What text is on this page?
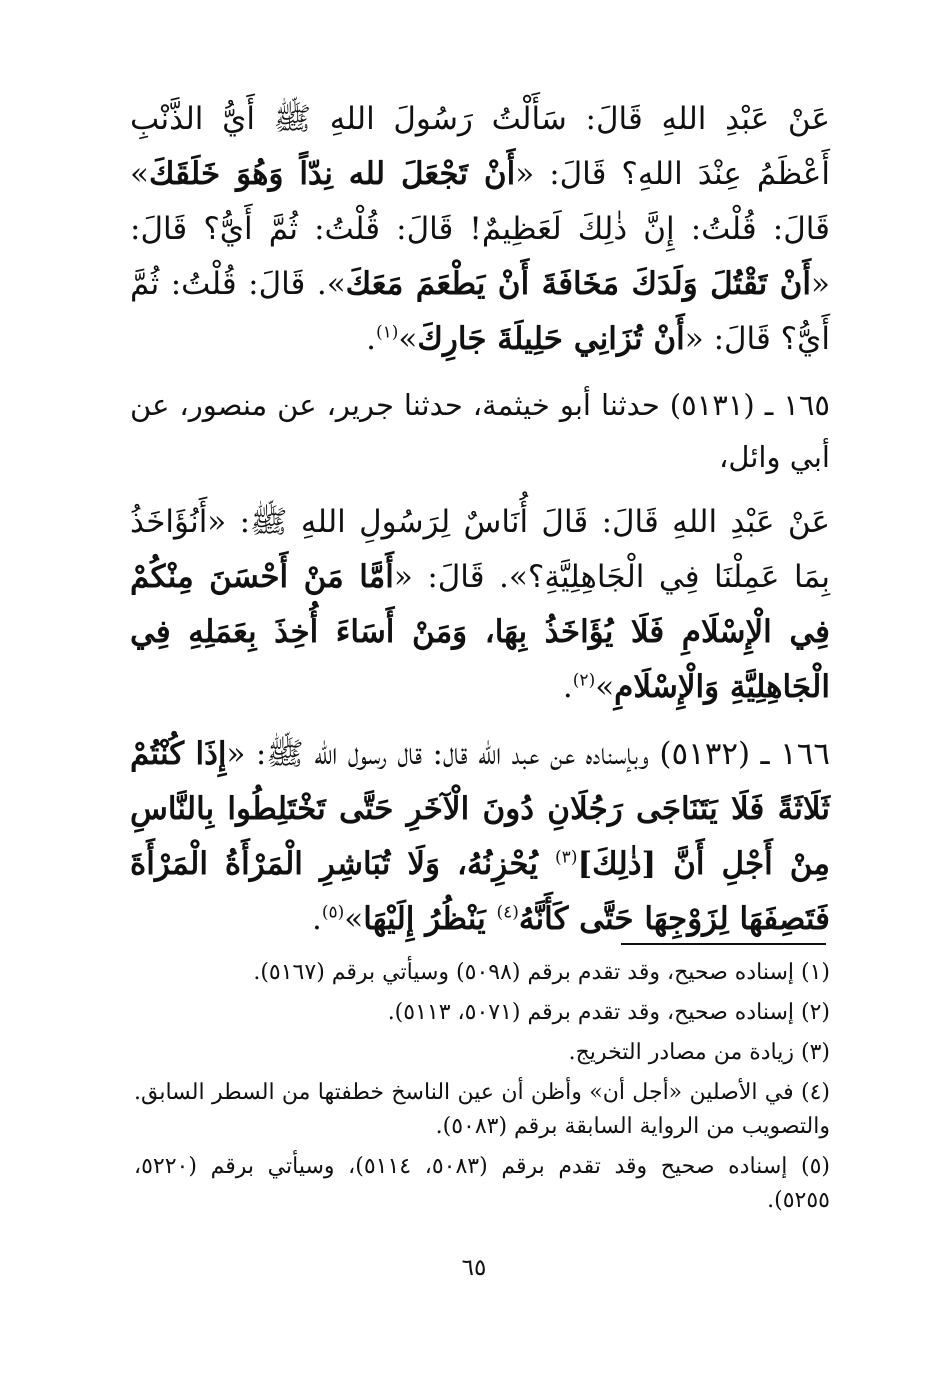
عَنْ عَبْدِ اللهِ قَالَ: سَأَلْتُ رَسُولَ اللهِ ﷺ أَيُّ الذَّنْبِ أَعْظَمُ عِنْدَ اللهِ؟ قَالَ: «أَنْ تَجْعَلَ لله نِدّاً وَهُوَ خَلَقَكَ» قَالَ: قُلْتُ: إِنَّ ذٰلِكَ لَعَظِيمٌ! قَالَ: قُلْتُ: ثُمَّ أَيُّ؟ قَالَ: «أَنْ تَقْتُلَ وَلَدَكَ مَخَافَةَ أَنْ يَطْعَمَ مَعَكَ». قَالَ: قُلْتُ: ثُمَّ أَيُّ؟ قَالَ: «أَنْ تُزَانِي حَلِيلَةَ جَارِكَ»$^{(١)}$.

١٦٥ ـ (٥١٣١) حدثنا أبو خيثمة، حدثنا جرير، عن منصور، عن أبي وائل،

عَنْ عَبْدِ اللهِ قَالَ: قَالَ أُنَاسٌ لِرَسُولِ اللهِ ﷺ: «أَنُؤَاخَذُ بِمَا عَمِلْنَا فِي الْجَاهِلِيَّةِ؟». قَالَ: «أَمَّا مَنْ أَحْسَنَ مِنْكُمْ فِي الْإِسْلَامِ فَلَا يُؤَاخَذُ بِهَا، وَمَنْ أَسَاءَ أُخِذَ بِعَمَلِهِ فِي الْجَاهِلِيَّةِ وَالْإِسْلَامِ»$^{(٢)}$.

١٦٦ ـ (٥١٣٢) وبإسناده عن عبد الله قال: قال رسول الله ﷺ: «إِذَا كُنْتُمْ ثَلَاثَةً فَلَا يَتَنَاجَى رَجُلَانِ دُونَ الْآخَرِ حَتَّى تَخْتَلِطُوا بِالنَّاسِ مِنْ أَجْلِ أَنَّ [ذٰلِكَ]$^{(٣)}$ يُحْزِنُهُ، وَلَا تُبَاشِرِ الْمَرْأَةُ الْمَرْأَةَ فَتَصِفَهَا لِزَوْجِهَا حَتَّى كَأَنَّهُ$^{(٤)}$ يَنْظُرُ إِلَيْهَا»$^{(٥)}$.

(١) إسناده صحيح، وقد تقدم برقم (٥٠٩٨) وسيأتي برقم (٥١٦٧).

(٢) إسناده صحيح، وقد تقدم برقم (٥٠٧١، ٥١١٣).

(٣) زيادة من مصادر التخريج.

(٤) في الأصلين «أجل أن» وأظن أن عين الناسخ خطفتها من السطر السابق. والتصويب من الرواية السابقة برقم (٥٠٨٣).

(٥) إسناده صحيح وقد تقدم برقم (٥٠٨٣، ٥١١٤)، وسيأتي برقم (٥٢٢٠، ٥٢٥٥).

٦٥
